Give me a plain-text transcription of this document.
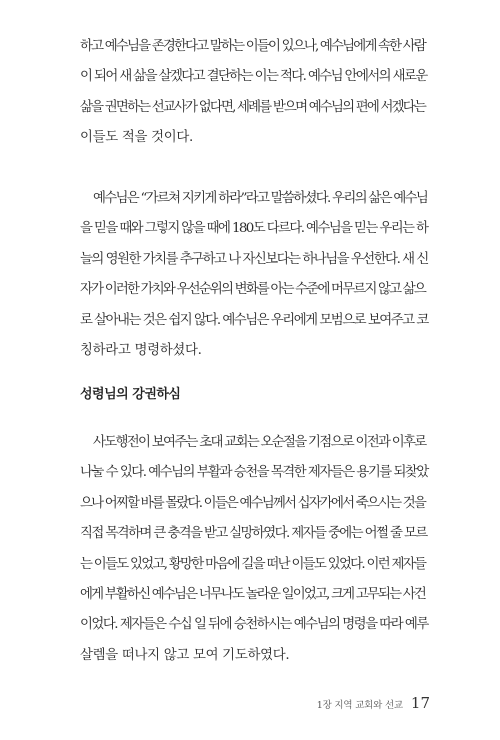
하고 예수님을 존경한다고 말하는 이들이 있으나, 예수님에게 속한 사람
이 되어 새 삶을 살겠다고 결단하는 이는 적다. 예수님 안에서의 새로운
삶을 권면하는 선교사가 없다면, 세례를 받으며 예수님의 편에 서겠다는
이들도 적을 것이다.
예수님은 “가르쳐 지키게 하라”라고 말씀하셨다. 우리의 삶은 예수님
을 믿을 때와 그렇지 않을 때에 180도 다르다. 예수님을 믿는 우리는 하
늘의 영원한 가치를 추구하고 나 자신보다는 하나님을 우선한다. 새 신
자가 이러한 가치와 우선순위의 변화를 아는 수준에 머무르지 않고 삶으
로 살아내는 것은 쉽지 않다. 예수님은 우리에게 모범으로 보여주고 코
칭하라고 명령하셨다.
성령님의 강권하심
사도행전이 보여주는 초대 교회는 오순절을 기점으로 이전과 이후로
나눌 수 있다. 예수님의 부활과 승천을 목격한 제자들은 용기를 되찾았
으나 어찌할 바를 몰랐다. 이들은 예수님께서 십자가에서 죽으시는 것을
직접 목격하며 큰 충격을 받고 실망하였다. 제자들 중에는 어쩔 줄 모르
는 이들도 있었고, 황망한 마음에 길을 떠난 이들도 있었다. 이런 제자들
에게 부활하신 예수님은 너무나도 놀라운 일이었고, 크게 고무되는 사건
이었다. 제자들은 수십 일 뒤에 승천하시는 예수님의 명령을 따라 예루
살렘을 떠나지 않고 모여 기도하였다.
1장 지역 교회와 선교 17
